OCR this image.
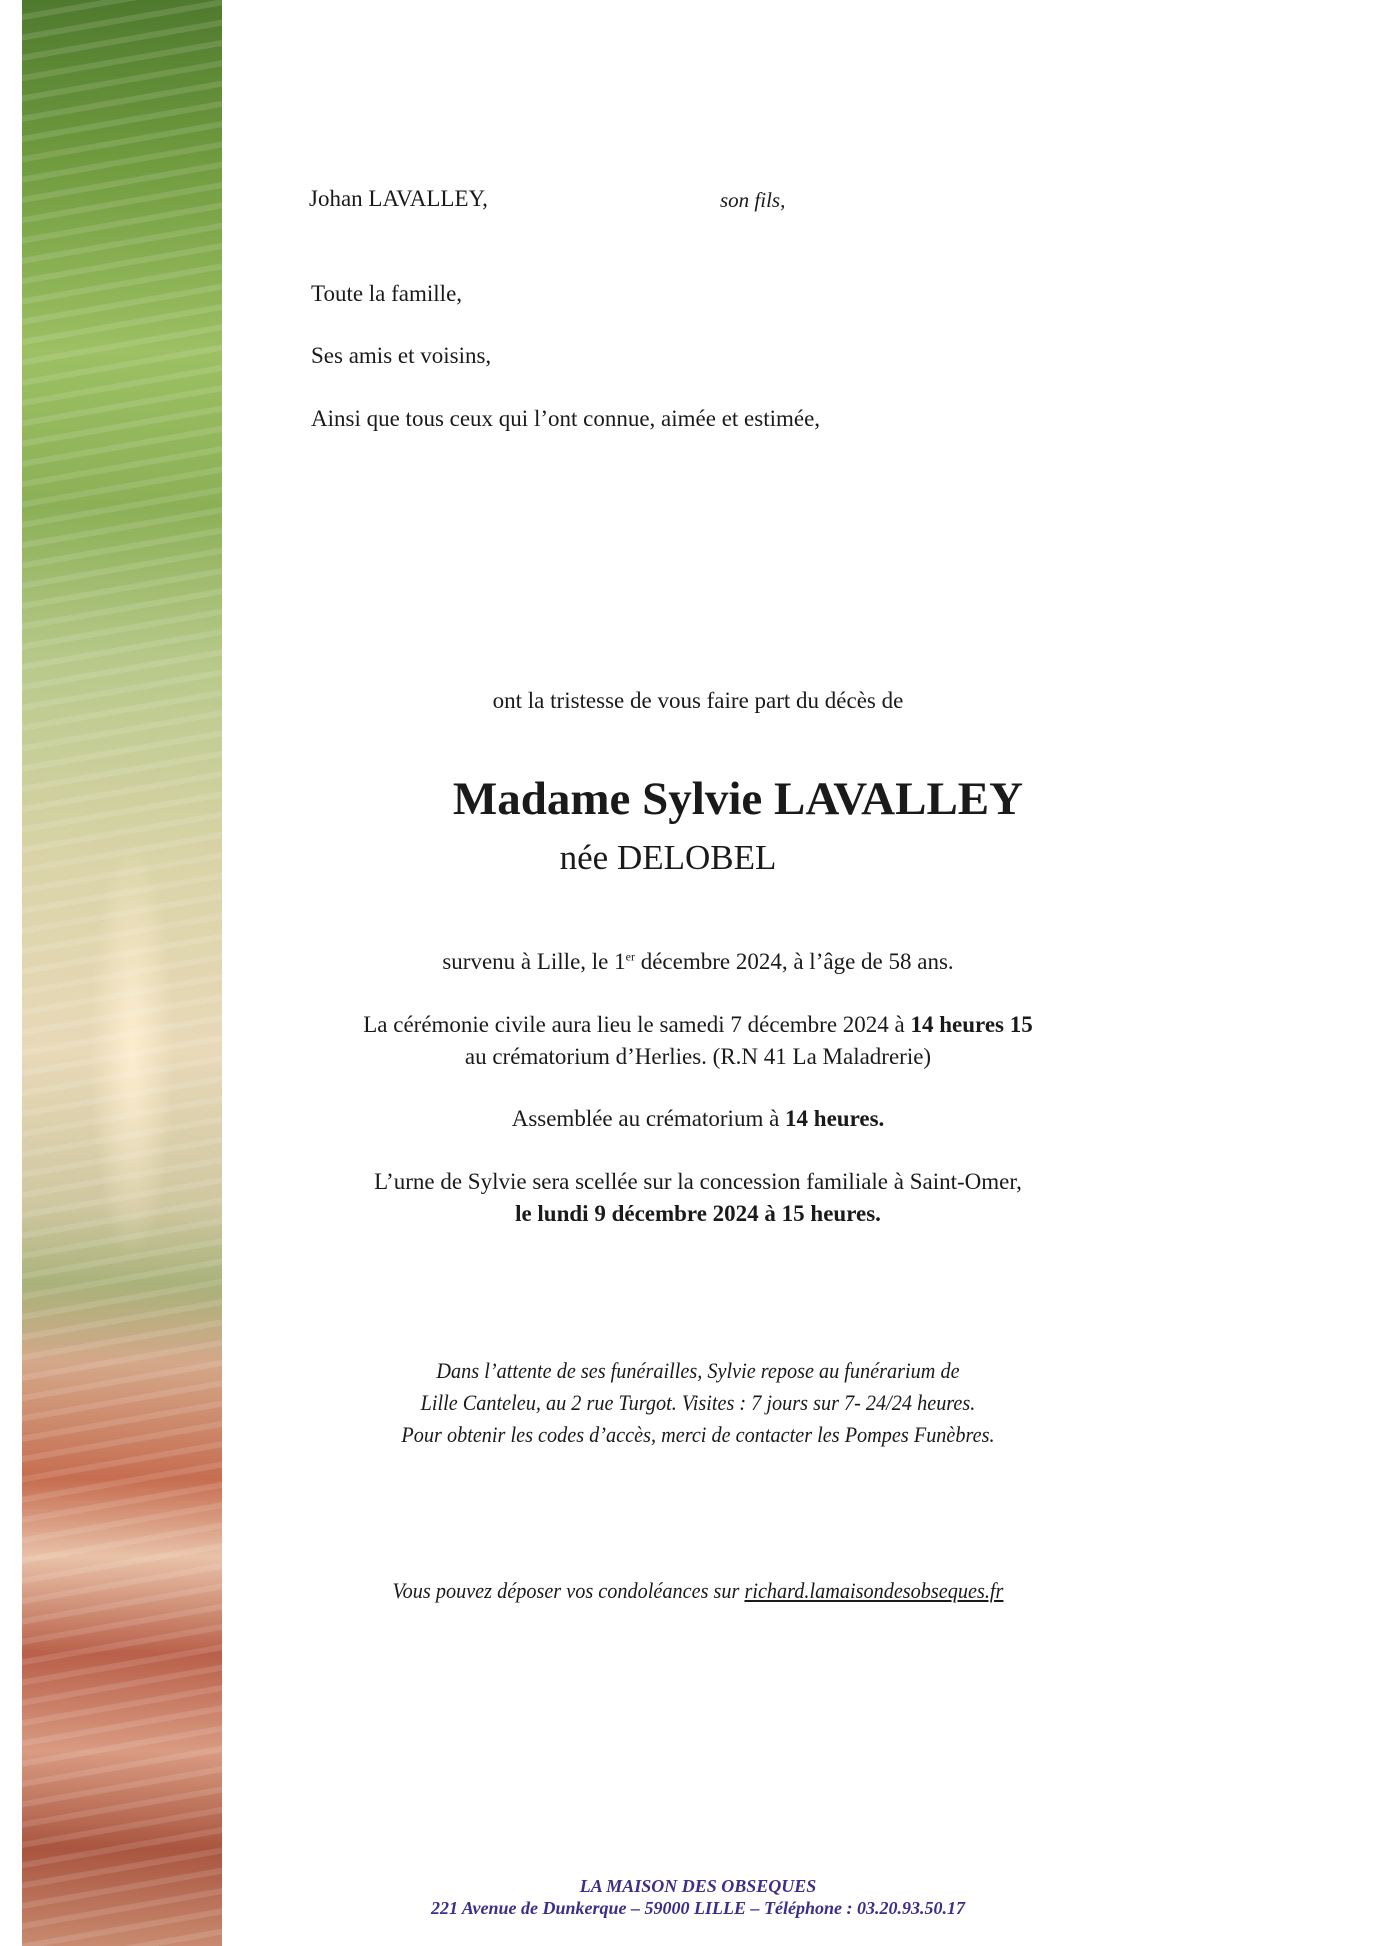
Johan LAVALLEY,	son fils,
Toute la famille,
Ses amis et voisins,
Ainsi que tous ceux qui l’ont connue, aimée et estimée,
ont la tristesse de vous faire part du décès de
Madame Sylvie LAVALLEY
née DELOBEL
survenu à Lille, le 1er décembre 2024, à l’âge de 58 ans.
La cérémonie civile aura lieu le samedi 7 décembre 2024 à 14 heures 15
au crématorium d’Herlies. (R.N 41 La Maladrerie)
Assemblée au crématorium à 14 heures.
L’urne de Sylvie sera scellée sur la concession familiale à Saint-Omer,
le lundi 9 décembre 2024 à 15 heures.
Dans l’attente de ses funérailles, Sylvie repose au funérarium de
Lille Canteleu, au 2 rue Turgot. Visites : 7 jours sur 7- 24/24 heures.
Pour obtenir les codes d’accès, merci de contacter les Pompes Funèbres.
Vous pouvez déposer vos condoléances sur richard.lamaisondesobseques.fr
LA MAISON DES OBSEQUES
221 Avenue de Dunkerque – 59000 LILLE – Téléphone : 03.20.93.50.17
